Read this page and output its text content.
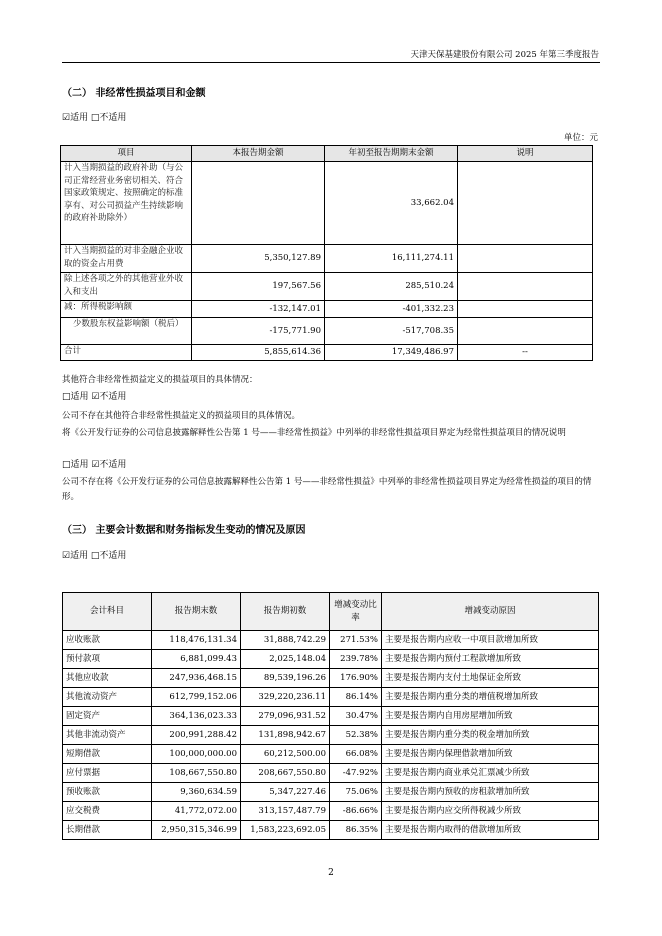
天津天保基建股份有限公司 2025 年第三季度报告
（二） 非经常性损益项目和金额
☑适用 □不适用
单位：元
项目	本报告期金额	年初至报告期期末金额	说明
计入当期损益的政府补助（与公司正常经营业务密切相关、符合国家政策规定、按照确定的标准享有、对公司损益产生持续影响的政府补助除外）		33,662.04	
计入当期损益的对非金融企业收取的资金占用费	5,350,127.89	16,111,274.11	
除上述各项之外的其他营业外收入和支出	197,567.56	285,510.24	
减：所得税影响额	-132,147.01	-401,332.23	
少数股东权益影响额（税后）	-175,771.90	-517,708.35	
合计	5,855,614.36	17,349,486.97	--
其他符合非经常性损益定义的损益项目的具体情况：
□适用 ☑不适用
公司不存在其他符合非经常性损益定义的损益项目的具体情况。
将《公开发行证券的公司信息披露解释性公告第 1 号——非经常性损益》中列举的非经常性损益项目界定为经常性损益项目的情况说明
□适用 ☑不适用
公司不存在将《公开发行证券的公司信息披露解释性公告第 1 号——非经常性损益》中列举的非经常性损益项目界定为经常性损益的项目的情形。
（三） 主要会计数据和财务指标发生变动的情况及原因
☑适用 □不适用
会计科目	报告期末数	报告期初数	增减变动比率	增减变动原因
应收账款	118,476,131.34	31,888,742.29	271.53%	主要是报告期内应收一中项目款增加所致
预付款项	6,881,099.43	2,025,148.04	239.78%	主要是报告期内预付工程款增加所致
其他应收款	247,936,468.15	89,539,196.26	176.90%	主要是报告期内支付土地保证金所致
其他流动资产	612,799,152.06	329,220,236.11	86.14%	主要是报告期内重分类的增值税增加所致
固定资产	364,136,023.33	279,096,931.52	30.47%	主要是报告期内自用房屋增加所致
其他非流动资产	200,991,288.42	131,898,942.67	52.38%	主要是报告期内重分类的税金增加所致
短期借款	100,000,000.00	60,212,500.00	66.08%	主要是报告期内保理借款增加所致
应付票据	108,667,550.80	208,667,550.80	-47.92%	主要是报告期内商业承兑汇票减少所致
预收账款	9,360,634.59	5,347,227.46	75.06%	主要是报告期内预收的房租款增加所致
应交税费	41,772,072.00	313,157,487.79	-86.66%	主要是报告期内应交所得税减少所致
长期借款	2,950,315,346.99	1,583,223,692.05	86.35%	主要是报告期内取得的借款增加所致
2
